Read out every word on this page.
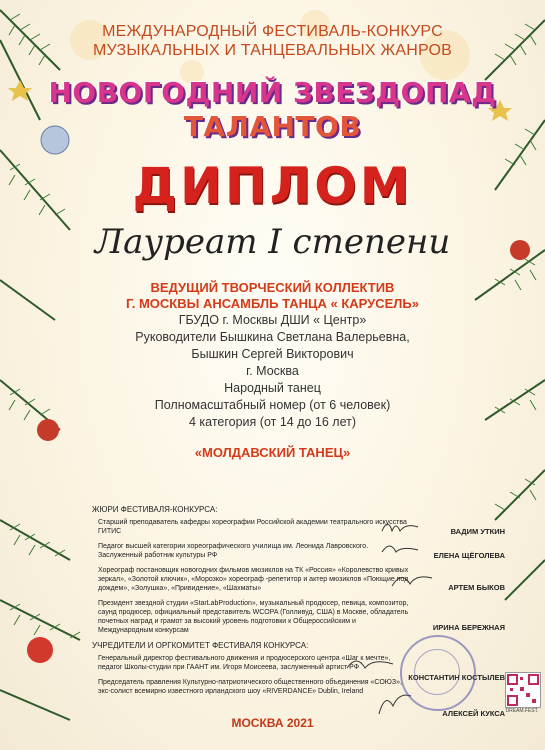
МЕЖДУНАРОДНЫЙ ФЕСТИВАЛЬ-КОНКУРС
МУЗЫКАЛЬНЫХ И ТАНЦЕВАЛЬНЫХ ЖАНРОВ
НОВОГОДНИЙ ЗВЕЗДОПАД
ТАЛАНТОВ
ДИПЛОМ
Лауреат I степени
ВЕДУЩИЙ ТВОРЧЕСКИЙ КОЛЛЕКТИВ
Г. МОСКВЫ АНСАМБЛЬ ТАНЦА « КАРУСЕЛЬ»
ГБУДО г. Москвы ДШИ « Центр»
Руководители Бышкина Светлана Валерьевна,
Бышкин Сергей Викторович
г. Москва
Народный танец
Полномасштабный номер (от 6 человек)
4 категория (от 14 до 16 лет)
«МОЛДАВСКИЙ ТАНЕЦ»
ЖЮРИ ФЕСТИВАЛЯ-КОНКУРСА:

Старший преподаватель кафедры хореографии Российской академии театрального искусства ГИТИС

Педагог высшей категории хореографического училища им. Леонида Лавровского. Заслуженный работник культуры РФ

Хореограф постановщик новогодних фильмов мюзиклов на ТК «Россия» «Королевство кривых зеркал», «Золотой ключик», «Морозко» хореограф -репетитор и актер мюзиклов «Поющие под дождем», «Золушка», «Привидение», «Шахматы»

Президент звездной студии «StarLabProduction», музыкальный продюсер, певица, композитор, саунд продюсер, официальный представитель WCOPA (Голливуд, США) в Москве, обладатель почетных наград и грамот за высокий уровень подготовки к Общероссийским и Международным конкурсам

УЧРЕДИТЕЛИ И ОРГКОМИТЕТ ФЕСТИВАЛЯ КОНКУРСА:

Генеральный директор фестивального движения и продюсерского центра «Шаг к мечте», педагог Школы-студии при ГААНТ им. Игоря Моисеева, заслуженный артист РФ

Председатель правления Культурно-патриотического общественного объединения «СОЮЗ», экс-солист всемирно известного ирландского шоу «RIVERDANCE» Dublin, Ireland

ВАДИМ УТКИН
ЕЛЕНА ЩЁГОЛЕВА
АРТЕМ БЫКОВ
ИРИНА БЕРЕЖНАЯ
КОНСТАНТИН КОСТЫЛЕВ
АЛЕКСЕЙ КУКСА DREAM.FEST.
МОСКВА 2021
